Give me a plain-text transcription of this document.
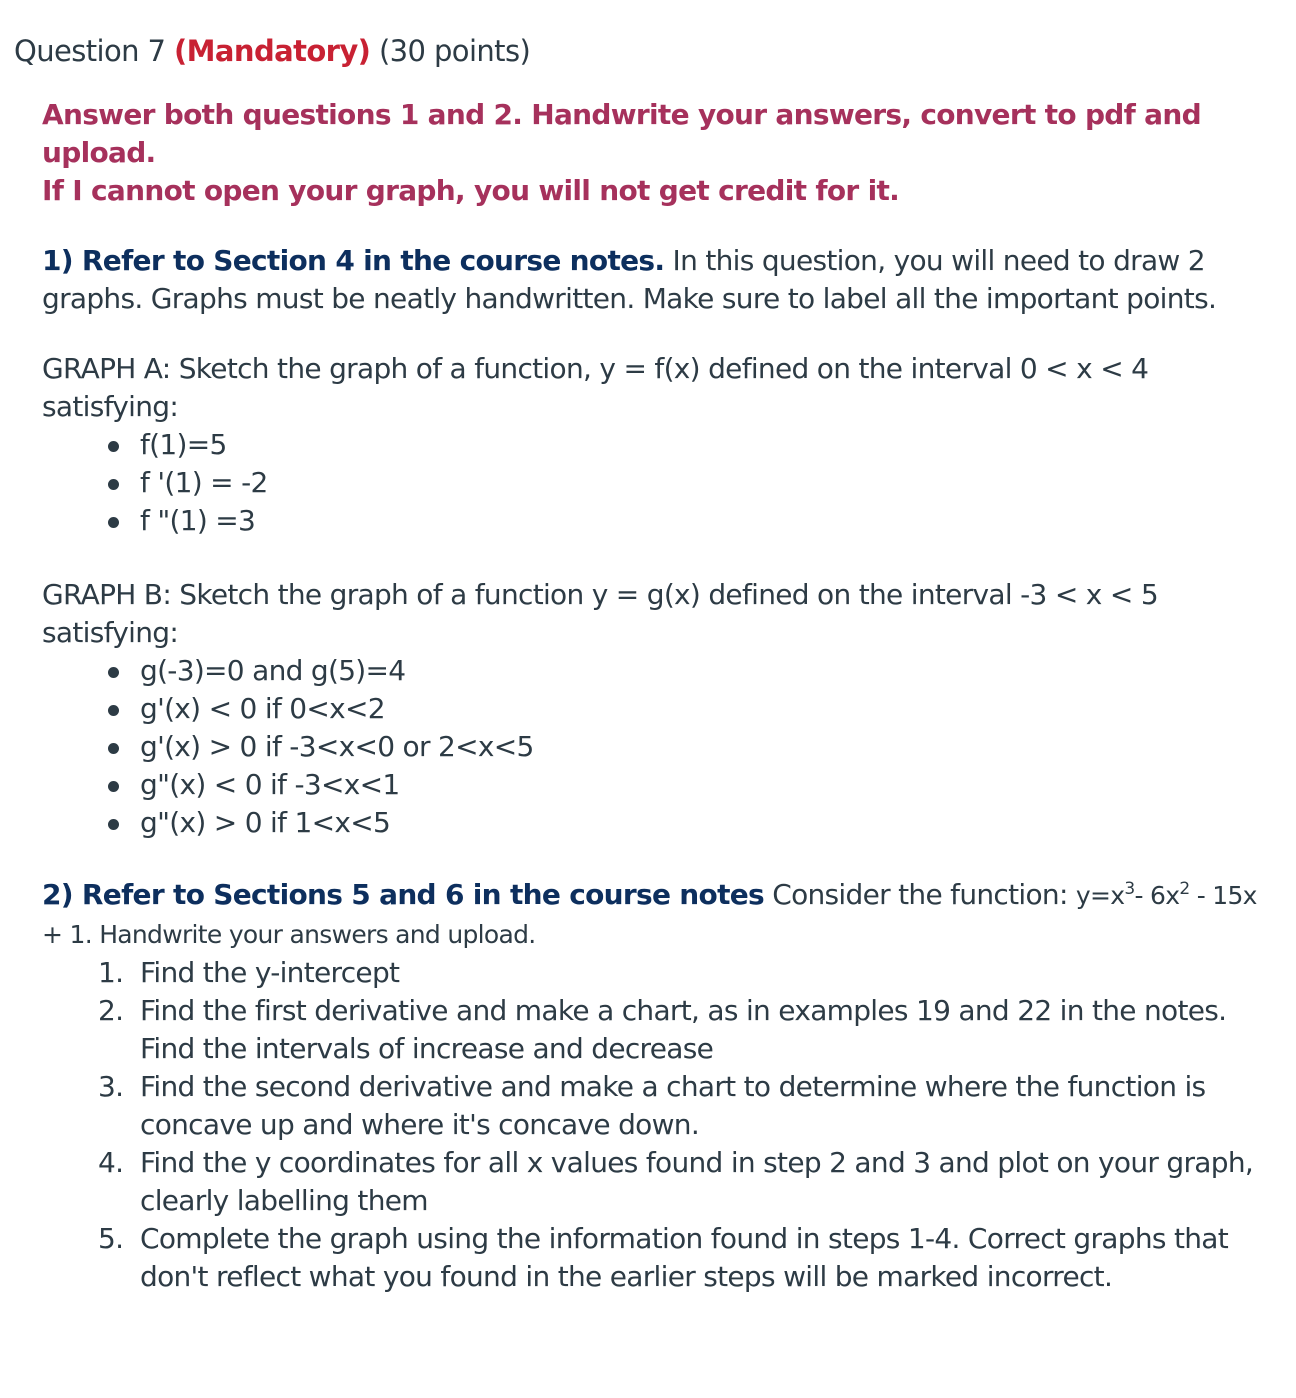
Question 7 (Mandatory) (30 points)

Answer both questions 1 and 2. Handwrite your answers, convert to pdf and upload.
If I cannot open your graph, you will not get credit for it.

1) Refer to Section 4 in the course notes. In this question, you will need to draw 2 graphs. Graphs must be neatly handwritten. Make sure to label all the important points.

GRAPH A: Sketch the graph of a function, y = f(x) defined on the interval 0 < x < 4 satisfying:

f(1)=5
f '(1) = -2
f "(1) =3

GRAPH B: Sketch the graph of a function y = g(x) defined on the interval -3 < x < 5 satisfying:

g(-3)=0 and g(5)=4
g'(x) < 0 if 0<x<2
g'(x) > 0 if -3<x<0 or 2<x<5
g"(x) < 0 if -3<x<1
g"(x) > 0 if 1<x<5

2) Refer to Sections 5 and 6 in the course notes Consider the function: $y=x^3-$ $6x^2 - 15x + 1$. Handwrite your answers and upload.

1. Find the y-intercept
2. Find the first derivative and make a chart, as in examples 19 and 22 in the notes. Find the intervals of increase and decrease
3. Find the second derivative and make a chart to determine where the function is concave up and where it's concave down.
4. Find the y coordinates for all x values found in step 2 and 3 and plot on your graph, clearly labelling them
5. Complete the graph using the information found in steps 1-4. Correct graphs that don't reflect what you found in the earlier steps will be marked incorrect.
